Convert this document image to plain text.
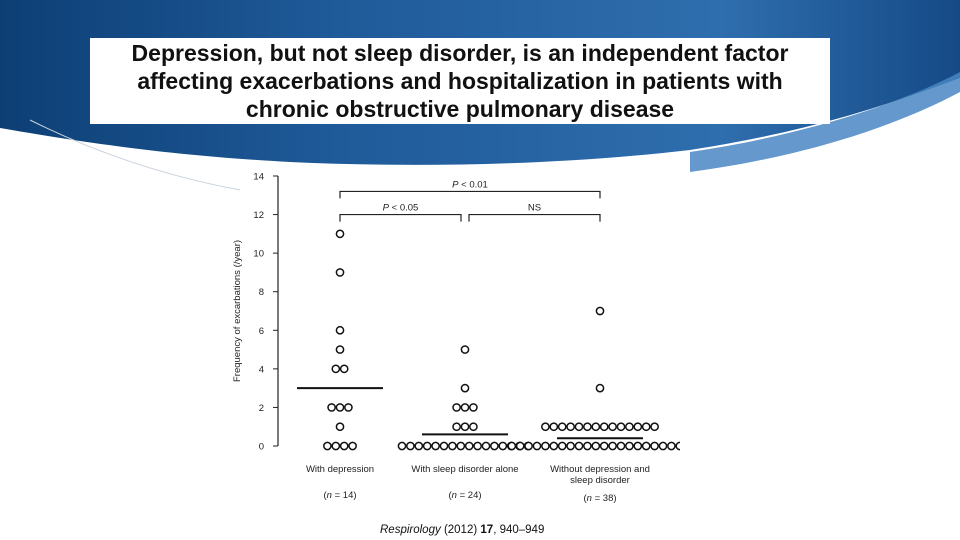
Depression, but not sleep disorder, is an independent factor
affecting exacerbations and hospitalization in patients with
chronic obstructive pulmonary disease
0
2
4
6
8
10
12
14
Frequency of excarbations (/year)
P < 0.01
P < 0.05	NS
With depression
(n = 14)
With sleep disorder alone
(n = 24)
Without depression and
sleep disorder
(n = 38)
Respirology (2012) 17, 940–949
